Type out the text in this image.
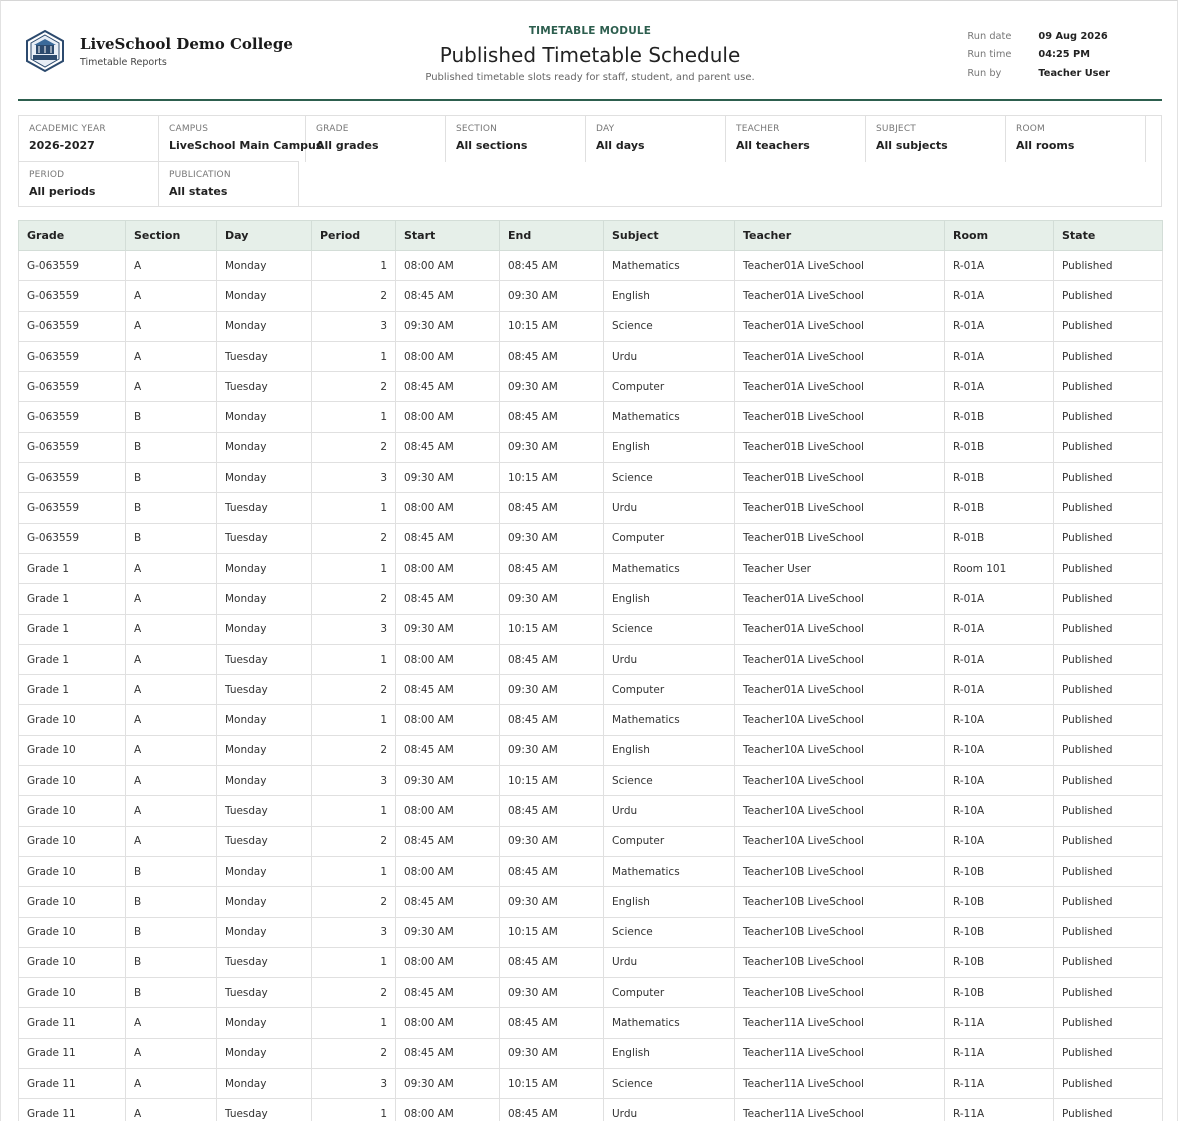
LiveSchool Demo College
Timetable Reports
TIMETABLE MODULE
Published Timetable Schedule
Published timetable slots ready for staff, student, and parent use.
Run date	09 Aug 2026
Run time	04:25 PM
Run by	Teacher User
ACADEMIC YEAR
2026-2027
CAMPUS
LiveSchool Main Campus
GRADE
All grades
SECTION
All sections
DAY
All days
TEACHER
All teachers
SUBJECT
All subjects
ROOM
All rooms
PERIOD
All periods
PUBLICATION
All states
Grade	Section	Day	Period	Start	End	Subject	Teacher	Room	State
G-063559	A	Monday	1	08:00 AM	08:45 AM	Mathematics	Teacher01A LiveSchool	R-01A	Published
G-063559	A	Monday	2	08:45 AM	09:30 AM	English	Teacher01A LiveSchool	R-01A	Published
G-063559	A	Monday	3	09:30 AM	10:15 AM	Science	Teacher01A LiveSchool	R-01A	Published
G-063559	A	Tuesday	1	08:00 AM	08:45 AM	Urdu	Teacher01A LiveSchool	R-01A	Published
G-063559	A	Tuesday	2	08:45 AM	09:30 AM	Computer	Teacher01A LiveSchool	R-01A	Published
G-063559	B	Monday	1	08:00 AM	08:45 AM	Mathematics	Teacher01B LiveSchool	R-01B	Published
G-063559	B	Monday	2	08:45 AM	09:30 AM	English	Teacher01B LiveSchool	R-01B	Published
G-063559	B	Monday	3	09:30 AM	10:15 AM	Science	Teacher01B LiveSchool	R-01B	Published
G-063559	B	Tuesday	1	08:00 AM	08:45 AM	Urdu	Teacher01B LiveSchool	R-01B	Published
G-063559	B	Tuesday	2	08:45 AM	09:30 AM	Computer	Teacher01B LiveSchool	R-01B	Published
Grade 1	A	Monday	1	08:00 AM	08:45 AM	Mathematics	Teacher User	Room 101	Published
Grade 1	A	Monday	2	08:45 AM	09:30 AM	English	Teacher01A LiveSchool	R-01A	Published
Grade 1	A	Monday	3	09:30 AM	10:15 AM	Science	Teacher01A LiveSchool	R-01A	Published
Grade 1	A	Tuesday	1	08:00 AM	08:45 AM	Urdu	Teacher01A LiveSchool	R-01A	Published
Grade 1	A	Tuesday	2	08:45 AM	09:30 AM	Computer	Teacher01A LiveSchool	R-01A	Published
Grade 10	A	Monday	1	08:00 AM	08:45 AM	Mathematics	Teacher10A LiveSchool	R-10A	Published
Grade 10	A	Monday	2	08:45 AM	09:30 AM	English	Teacher10A LiveSchool	R-10A	Published
Grade 10	A	Monday	3	09:30 AM	10:15 AM	Science	Teacher10A LiveSchool	R-10A	Published
Grade 10	A	Tuesday	1	08:00 AM	08:45 AM	Urdu	Teacher10A LiveSchool	R-10A	Published
Grade 10	A	Tuesday	2	08:45 AM	09:30 AM	Computer	Teacher10A LiveSchool	R-10A	Published
Grade 10	B	Monday	1	08:00 AM	08:45 AM	Mathematics	Teacher10B LiveSchool	R-10B	Published
Grade 10	B	Monday	2	08:45 AM	09:30 AM	English	Teacher10B LiveSchool	R-10B	Published
Grade 10	B	Monday	3	09:30 AM	10:15 AM	Science	Teacher10B LiveSchool	R-10B	Published
Grade 10	B	Tuesday	1	08:00 AM	08:45 AM	Urdu	Teacher10B LiveSchool	R-10B	Published
Grade 10	B	Tuesday	2	08:45 AM	09:30 AM	Computer	Teacher10B LiveSchool	R-10B	Published
Grade 11	A	Monday	1	08:00 AM	08:45 AM	Mathematics	Teacher11A LiveSchool	R-11A	Published
Grade 11	A	Monday	2	08:45 AM	09:30 AM	English	Teacher11A LiveSchool	R-11A	Published
Grade 11	A	Monday	3	09:30 AM	10:15 AM	Science	Teacher11A LiveSchool	R-11A	Published
Grade 11	A	Tuesday	1	08:00 AM	08:45 AM	Urdu	Teacher11A LiveSchool	R-11A	Published
